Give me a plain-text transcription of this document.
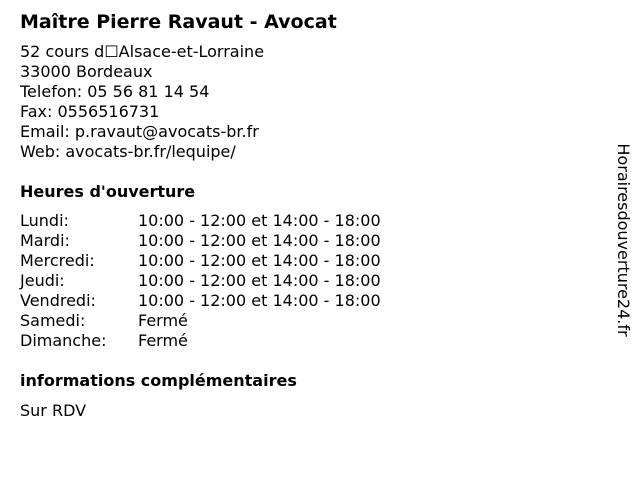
Maître Pierre Ravaut - Avocat
52 cours d☐Alsace-et-Lorraine
33000 Bordeaux
Telefon: 05 56 81 14 54
Fax: 0556516731
Email: p.ravaut@avocats-br.fr
Web: avocats-br.fr/lequipe/
Heures d'ouverture
Lundi:	10:00 - 12:00 et 14:00 - 18:00
Mardi:	10:00 - 12:00 et 14:00 - 18:00
Mercredi:	10:00 - 12:00 et 14:00 - 18:00
Jeudi:	10:00 - 12:00 et 14:00 - 18:00
Vendredi:	10:00 - 12:00 et 14:00 - 18:00
Samedi:	Fermé
Dimanche:	Fermé
informations complémentaires
Sur RDV
Horairesdouverture24.fr
